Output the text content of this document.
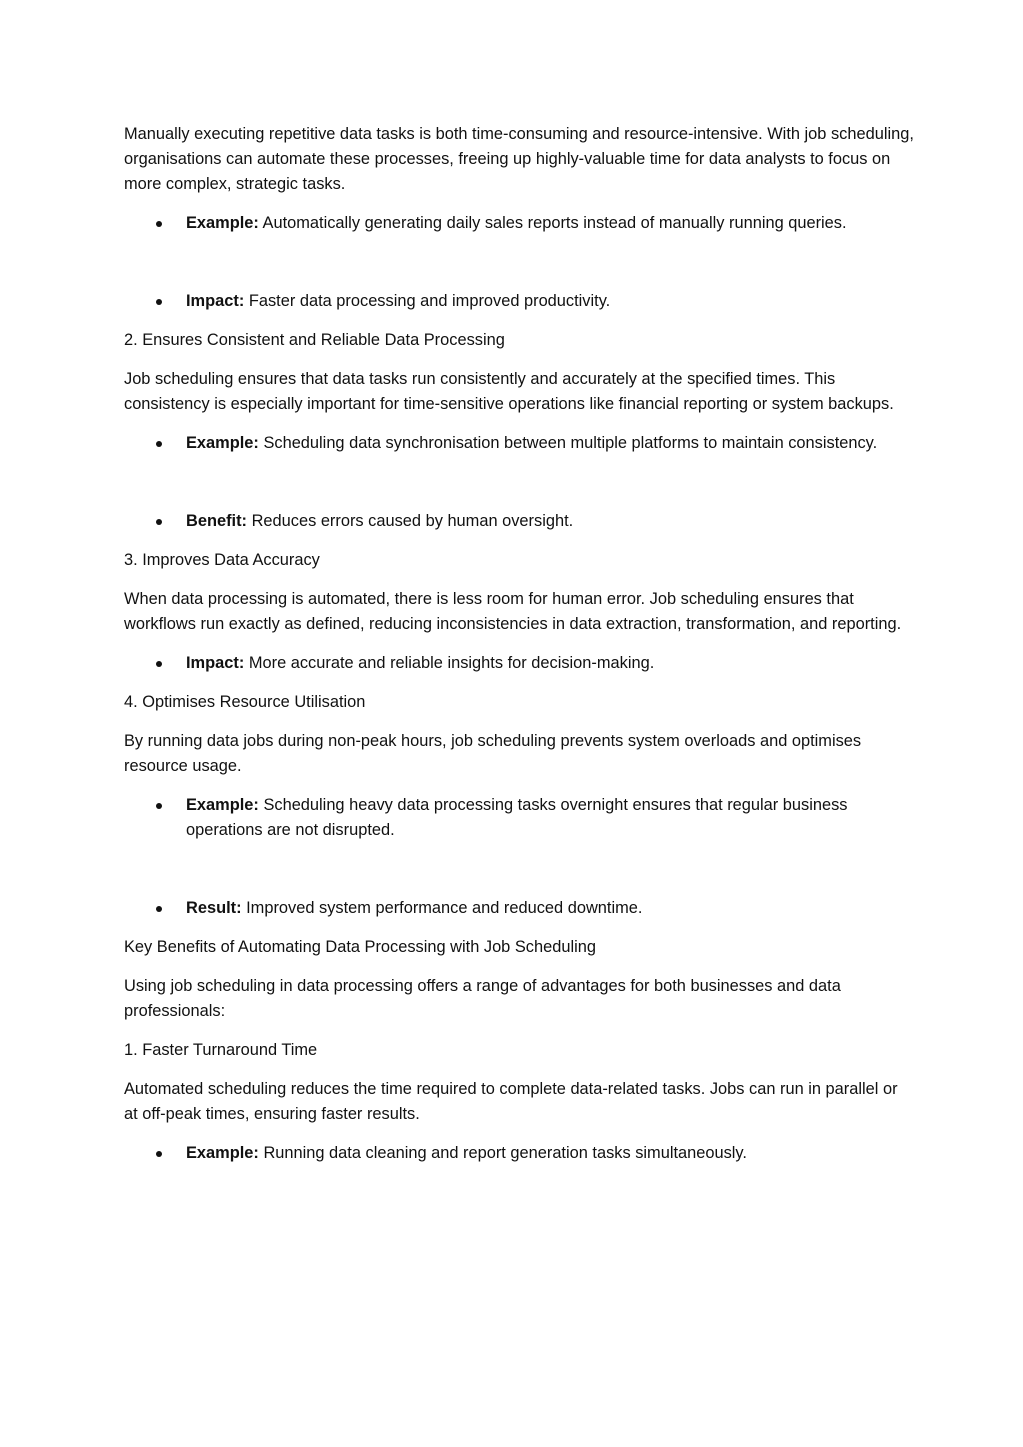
Manually executing repetitive data tasks is both time-consuming and resource-intensive. With job scheduling, organisations can automate these processes, freeing up highly-valuable time for data analysts to focus on more complex, strategic tasks.

Example: Automatically generating daily sales reports instead of manually running queries.
Impact: Faster data processing and improved productivity.

2. Ensures Consistent and Reliable Data Processing

Job scheduling ensures that data tasks run consistently and accurately at the specified times. This consistency is especially important for time-sensitive operations like financial reporting or system backups.

Example: Scheduling data synchronisation between multiple platforms to maintain consistency.
Benefit: Reduces errors caused by human oversight.

3. Improves Data Accuracy

When data processing is automated, there is less room for human error. Job scheduling ensures that workflows run exactly as defined, reducing inconsistencies in data extraction, transformation, and reporting.

Impact: More accurate and reliable insights for decision-making.

4. Optimises Resource Utilisation

By running data jobs during non-peak hours, job scheduling prevents system overloads and optimises resource usage.

Example: Scheduling heavy data processing tasks overnight ensures that regular business operations are not disrupted.
Result: Improved system performance and reduced downtime.

Key Benefits of Automating Data Processing with Job Scheduling

Using job scheduling in data processing offers a range of advantages for both businesses and data professionals:

1. Faster Turnaround Time

Automated scheduling reduces the time required to complete data-related tasks. Jobs can run in parallel or at off-peak times, ensuring faster results.

Example: Running data cleaning and report generation tasks simultaneously.
